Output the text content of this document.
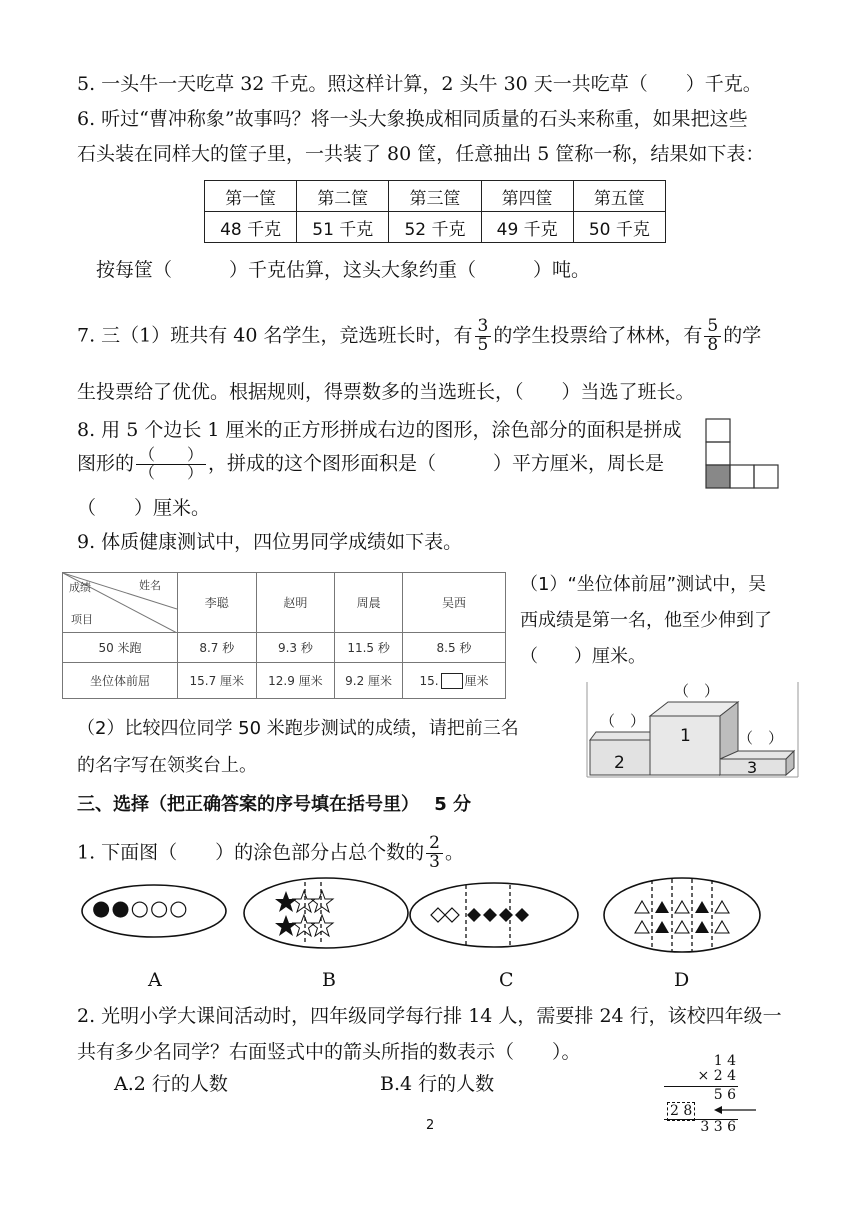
5. 一头牛一天吃草 32 千克。照这样计算，2 头牛 30 天一共吃草（　　）千克。
6. 听过“曹冲称象”故事吗？将一头大象换成相同质量的石头来称重，如果把这些
石头装在同样大的筐子里，一共装了 80 筐，任意抽出 5 筐称一称，结果如下表：
第一筐	第二筐	第三筐	第四筐	第五筐
48 千克	51 千克	52 千克	49 千克	50 千克
按每筐（　　　）千克估算，这头大象约重（　　　）吨。
7. 三（1）班共有 40 名学生，竞选班长时，有 $\frac{3}{5}$ 的学生投票给了林林，有 $\frac{5}{8}$ 的学
生投票给了优优。根据规则，得票数多的当选班长，（　　）当选了班长。
8. 用 5 个边长 1 厘米的正方形拼成右边的图形，涂色部分的面积是拼成
图形的 $\frac{( )}{( )}$ ，拼成的这个图形面积是（　　　）平方厘米，周长是
（　　）厘米。
9. 体质健康测试中，四位男同学成绩如下表。
成绩 姓名
项目	李聪	赵明	周晨	吴西
50 米跑	8.7 秒	9.3 秒	11.5 秒	8.5 秒
坐位体前屈	15.7 厘米	12.9 厘米	9.2 厘米	15. 厘米
（1）“坐位体前屈”测试中，吴
西成绩是第一名，他至少伸到了
（　　）厘米。
（2）比较四位同学 50 米跑步测试的成绩，请把前三名
的名字写在领奖台上。
（　）
（　）
（　）
1
2	3
三、选择（把正确答案的序号填在括号里）　 5 分
1. 下面图（　　）的涂色部分占总个数的 $\frac{2}{3}$ 。
●●○○○
A	B	C	D
2. 光明小学大课间活动时，四年级同学每行排 14 人，需要排 24 行，该校四年级一
共有多少名同学？右面竖式中的箭头所指的数表示（　　）。
A.2 行的人数	B.4 行的人数
1 4
× 2 4
5 6
2 8
3 3 6
2
